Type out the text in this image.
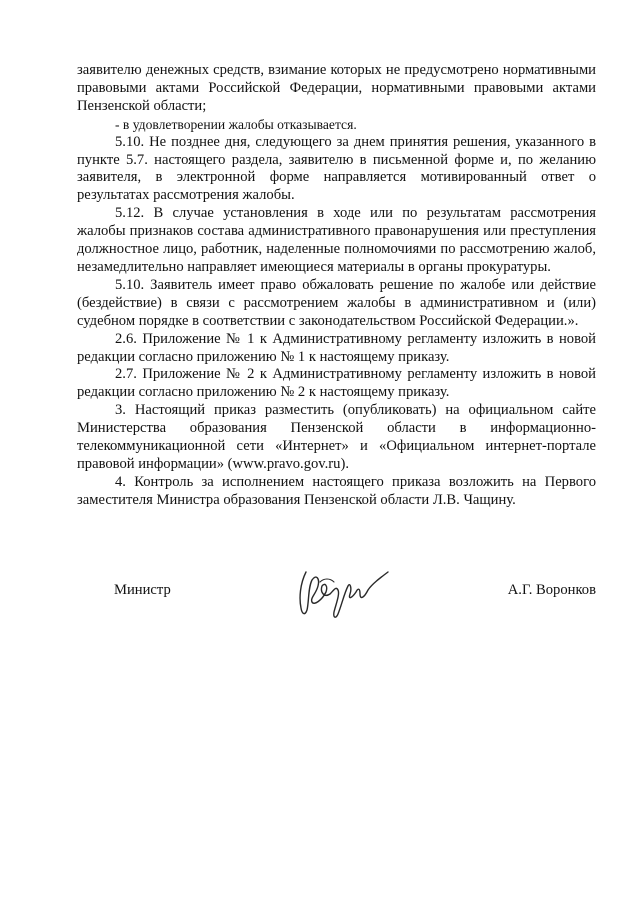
заявителю денежных средств, взимание которых не предусмотрено нормативными правовыми актами Российской Федерации, нормативными правовыми актами Пензенской области;

- в удовлетворении жалобы отказывается.

5.10. Не позднее дня, следующего за днем принятия решения, указанного в пункте 5.7. настоящего раздела, заявителю в письменной форме и, по желанию заявителя, в электронной форме направляется мотивированный ответ о результатах рассмотрения жалобы.

5.12. В случае установления в ходе или по результатам рассмотрения жалобы признаков состава административного правонарушения или преступления должностное лицо, работник, наделенные полномочиями по рассмотрению жалоб, незамедлительно направляет имеющиеся материалы в органы прокуратуры.

5.10. Заявитель имеет право обжаловать решение по жалобе или действие (бездействие) в связи с рассмотрением жалобы в административном и (или) судебном порядке в соответствии с законодательством Российской Федерации.».

2.6. Приложение № 1 к Административному регламенту изложить в новой редакции согласно приложению № 1 к настоящему приказу.

2.7. Приложение № 2 к Административному регламенту изложить в новой редакции согласно приложению № 2 к настоящему приказу.

3. Настоящий приказ разместить (опубликовать) на официальном сайте Министерства образования Пензенской области в информационно-телекоммуникационной сети «Интернет» и «Официальном интернет-портале правовой информации» (www.pravo.gov.ru).

4. Контроль за исполнением настоящего приказа возложить на Первого заместителя Министра образования Пензенской области Л.В. Чащину.

Министр	А.Г. Воронков
